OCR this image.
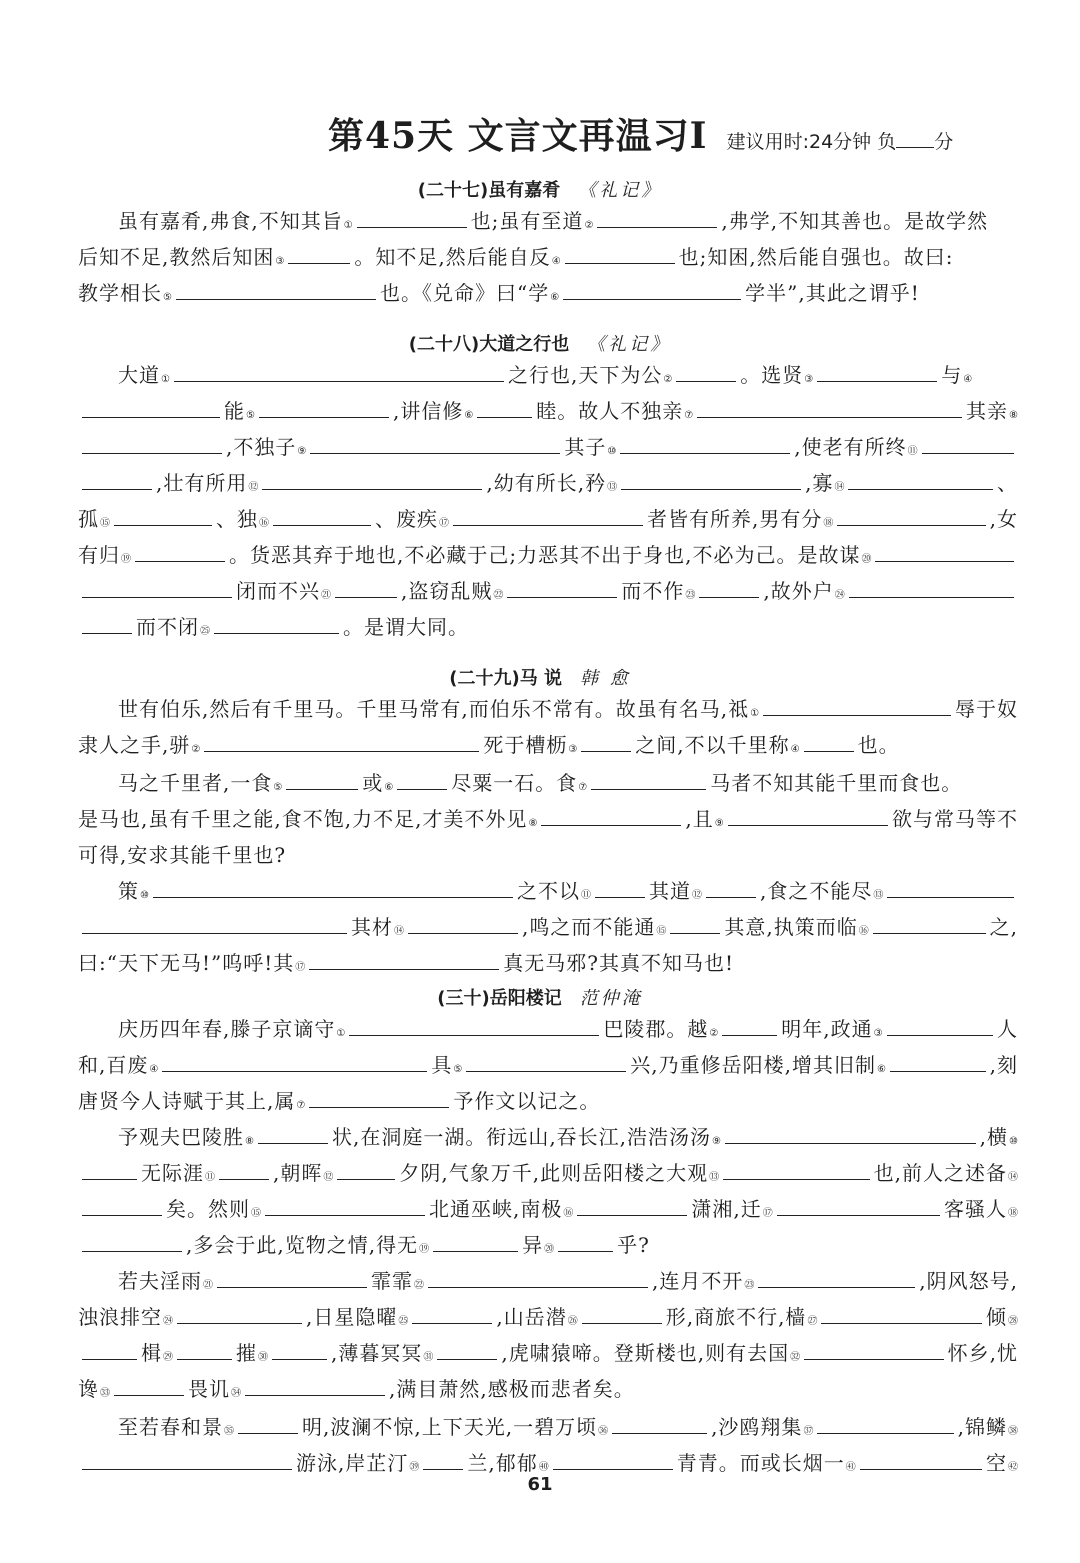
第45天 文言文再温习Ⅰ 建议用时:24分钟 负 分
(二十七)虽有嘉肴 《礼记》
(二十八)大道之行也 《礼记》
(二十九)马 说 韩 愈
(三十)岳阳楼记 范仲淹
虽有嘉肴,弗食,不知其旨$_①$	也;虽有至道$_②$	,弗学,不知其善也。是故学然
后知不足,教然后知困$_③$	。知不足,然后能自反$_④$	也;知困,然后能自强也。故曰:
教学相长$_⑤$	也。《兑命》曰“学$_⑥$	学半”,其此之谓乎!
大道$_①$	之行也,天下为公$_②$	。选贤$_③$	与$_④$
能$_⑤$	,讲信修$_⑥$	睦。故人不独亲$_⑦$	其亲$_⑧$
,不独子$_⑨$	其子$_⑩$	,使老有所终$_⑪$
,壮有所用$_⑫$	,幼有所长,矜$_⑬$	,寡$_⑭$	、
孤$_⑮$	、独$_⑯$	、废疾$_⑰$	者皆有所养,男有分$_⑱$	,女
有归$_⑲$	。货恶其弃于地也,不必藏于己;力恶其不出于身也,不必为己。是故谋$_⑳$
闭而不兴$_㉑$	,盗窃乱贼$_㉒$	而不作$_㉓$	,故外户$_㉔$
而不闭$_㉕$	。是谓大同。
世有伯乐,然后有千里马。千里马常有,而伯乐不常有。故虽有名马,祗$_①$	辱于奴
隶人之手,骈$_②$	死于槽枥$_③$	之间,不以千里称$_④$	也。
马之千里者,一食$_⑤$	或$_⑥$	尽粟一石。食$_⑦$	马者不知其能千里而食也。
是马也,虽有千里之能,食不饱,力不足,才美不外见$_⑧$	,且$_⑨$	欲与常马等不
可得,安求其能千里也?
策$_⑩$	之不以$_⑪$	其道$_⑫$	,食之不能尽$_⑬$
其材$_⑭$	,鸣之而不能通$_⑮$	其意,执策而临$_⑯$	之,
曰:“天下无马!”呜呼!其$_⑰$	真无马邪?其真不知马也!
庆历四年春,滕子京谪守$_①$	巴陵郡。越$_②$	明年,政通$_③$	人
和,百废$_④$	具$_⑤$	兴,乃重修岳阳楼,增其旧制$_⑥$	,刻
唐贤今人诗赋于其上,属$_⑦$	予作文以记之。
予观夫巴陵胜$_⑧$	状,在洞庭一湖。衔远山,吞长江,浩浩汤汤$_⑨$	,横$_⑩$
无际涯$_⑪$	,朝晖$_⑫$	夕阴,气象万千,此则岳阳楼之大观$_⑬$	也,前人之述备$_⑭$
矣。然则$_⑮$	北通巫峡,南极$_⑯$	潇湘,迁$_⑰$	客骚人$_⑱$
,多会于此,览物之情,得无$_⑲$	异$_⑳$	乎?
若夫淫雨$_㉑$	霏霏$_㉒$	,连月不开$_㉓$	,阴风怒号,
浊浪排空$_㉔$	,日星隐曜$_㉕$	,山岳潜$_㉖$	形,商旅不行,樯$_㉗$	倾$_㉘$
楫$_㉙$	摧$_㉚$	,薄暮冥冥$_㉛$	,虎啸猿啼。登斯楼也,则有去国$_㉜$	怀乡,忧
谗$_㉝$	畏讥$_㉞$	,满目萧然,感极而悲者矣。
至若春和景$_㉟$	明,波澜不惊,上下天光,一碧万顷$_㊱$	,沙鸥翔集$_㊲$	,锦鳞$_㊳$
游泳,岸芷汀$_㊴$ 兰,郁郁$_㊵$	青青。而或长烟一$_㊶$	空$_㊷$
61
